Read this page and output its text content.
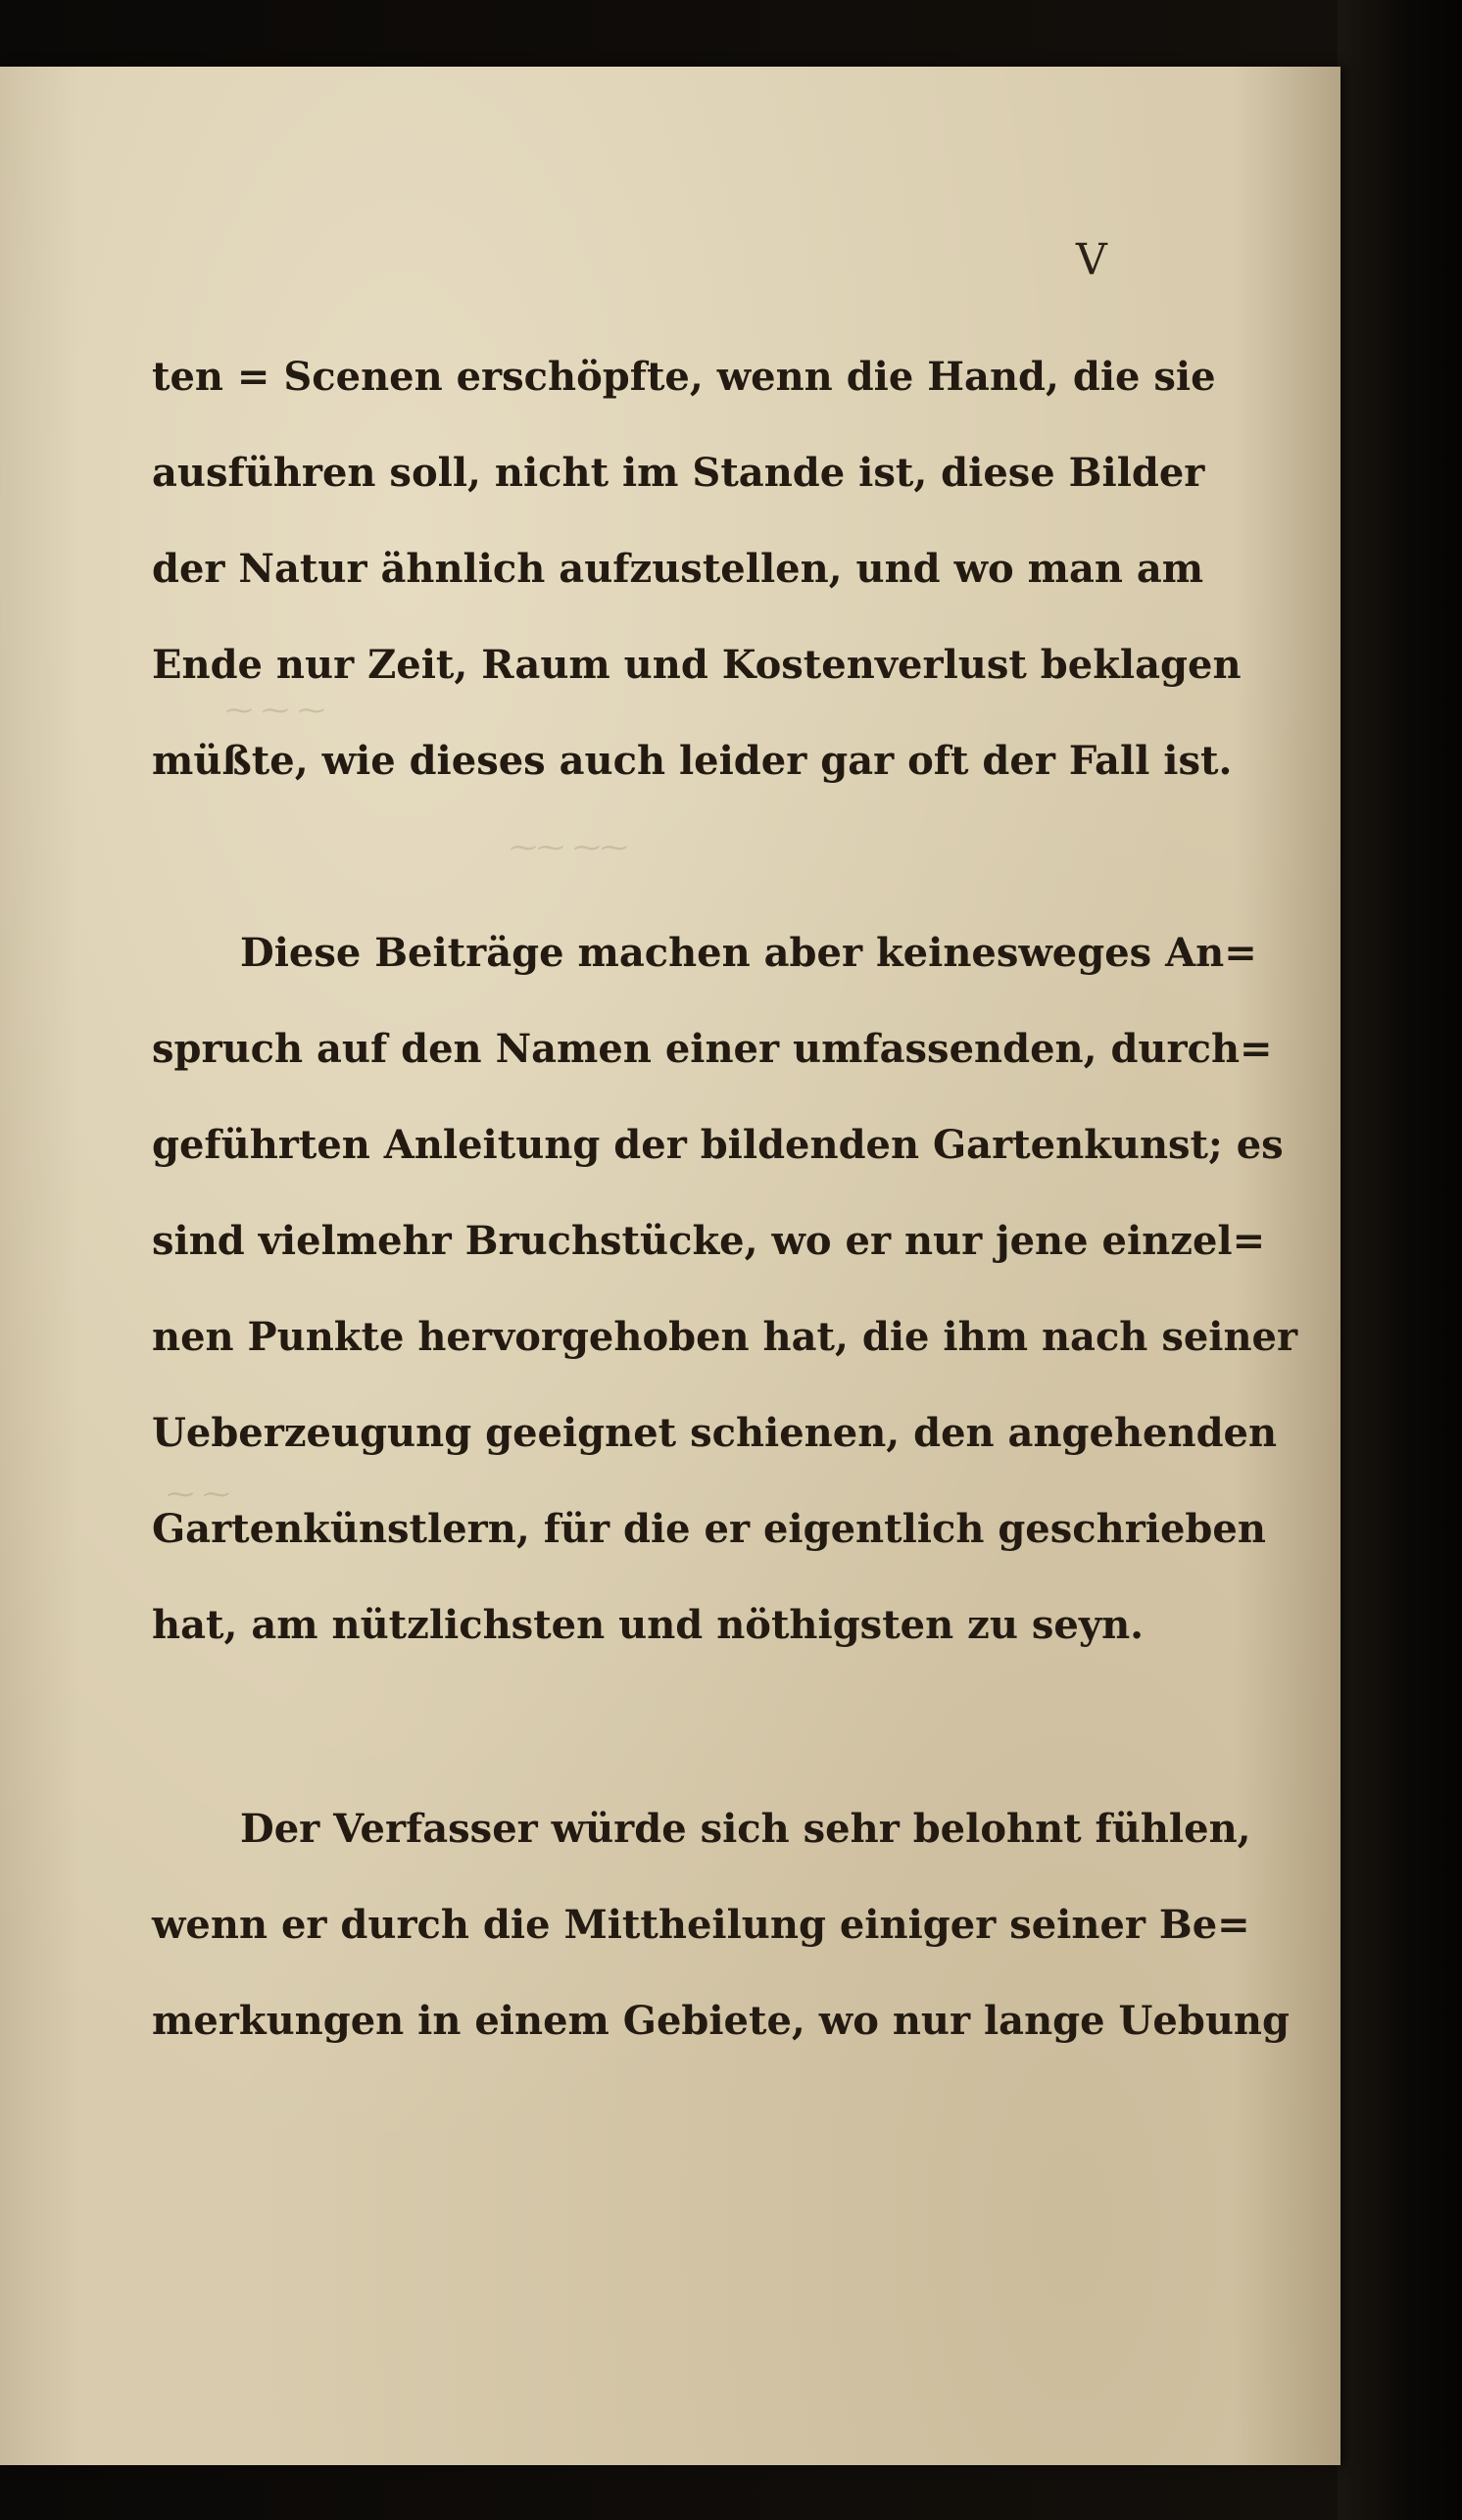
⁓ ⁓ ⁓
⁓⁓ ⁓⁓
⁓ ⁓
V
ten = Scenen erschöpfte, wenn die Hand, die sie
ausführen soll, nicht im Stande ist, diese Bilder
der Natur ähnlich aufzustellen, und wo man am
Ende nur Zeit, Raum und Kostenverlust beklagen
müßte, wie dieses auch leider gar oft der Fall ist.
Diese Beiträge machen aber keinesweges An=
spruch auf den Namen einer umfassenden, durch=
geführten Anleitung der bildenden Gartenkunst; es
sind vielmehr Bruchstücke, wo er nur jene einzel=
nen Punkte hervorgehoben hat, die ihm nach seiner
Ueberzeugung geeignet schienen, den angehenden
Gartenkünstlern, für die er eigentlich geschrieben
hat, am nützlichsten und nöthigsten zu seyn.
Der Verfasser würde sich sehr belohnt fühlen,
wenn er durch die Mittheilung einiger seiner Be=
merkungen in einem Gebiete, wo nur lange Uebung
